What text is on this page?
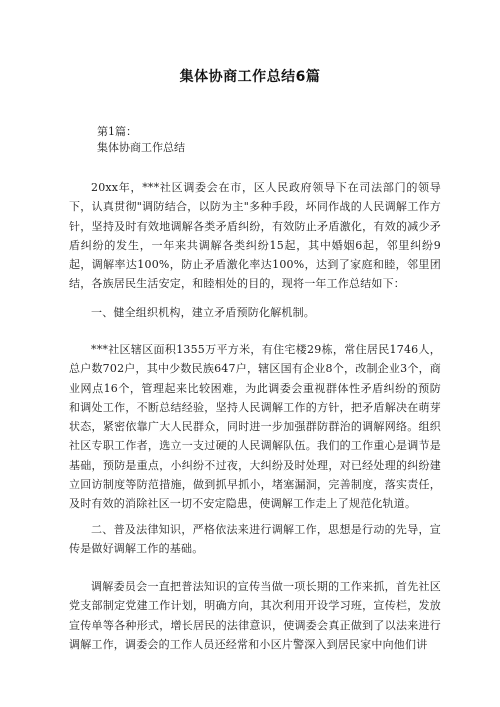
集体协商工作总结6篇
第1篇：
集体协商工作总结
20xx年，***社区调委会在市，区人民政府领导下在司法部门的领导下，认真贯彻"调防结合，以防为主"多种手段，坏同作战的人民调解工作方针，坚持及时有效地调解各类矛盾纠纷，有效防止矛盾激化，有效的减少矛盾纠纷的发生，一年来共调解各类纠纷15起，其中婚姻6起，邻里纠纷9起，调解率达100%，防止矛盾激化率达100%，达到了家庭和睦，邻里团结，各族居民生活安定，和睦相处的目的，现将一年工作总结如下：
一、健全组织机构，建立矛盾预防化解机制。
***社区辖区面积1355万平方米，有住宅楼29栋，常住居民1746人，总户数702户，其中少数民族647户，辖区国有企业8个，改制企业3个，商业网点16个，管理起来比较困难，为此调委会重视群体性矛盾纠纷的预防和调处工作，不断总结经验，坚持人民调解工作的方针，把矛盾解决在萌芽状态，紧密依靠广大人民群众，同时进一步加强群防群治的调解网络。组织社区专职工作者，选立一支过硬的人民调解队伍。我们的工作重心是调节是基础，预防是重点，小纠纷不过夜，大纠纷及时处理，对已经处理的纠纷建立回访制度等防范措施，做到抓早抓小，堵塞漏洞，完善制度，落实责任，及时有效的消除社区一切不安定隐患，使调解工作走上了规范化轨道。
二、普及法律知识，严格依法来进行调解工作，思想是行动的先导，宣传是做好调解工作的基础。
调解委员会一直把普法知识的宣传当做一项长期的工作来抓，首先社区党支部制定党建工作计划，明确方向，其次利用开设学习班，宣传栏，发放宣传单等各种形式，增长居民的法律意识，使调委会真正做到了以法来进行调解工作，调委会的工作人员还经常和小区片警深入到居民家中向他们讲
